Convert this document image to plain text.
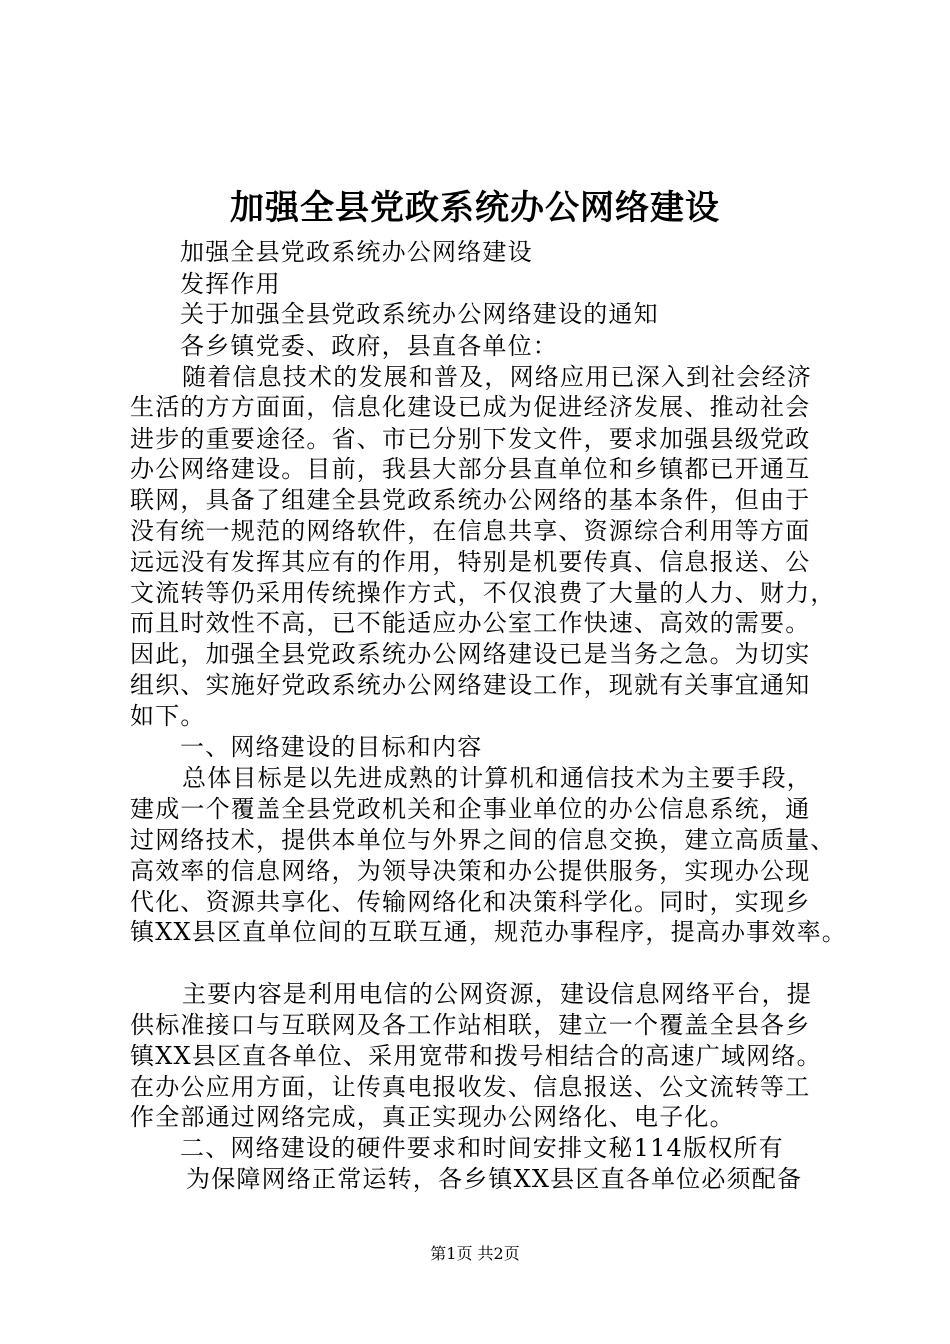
加强全县党政系统办公网络建设
加强全县党政系统办公网络建设
发挥作用
关于加强全县党政系统办公网络建设的通知
各乡镇党委、政府，县直各单位：
随着信息技术的发展和普及，网络应用已深入到社会经济
生活的方方面面，信息化建设已成为促进经济发展、推动社会
进步的重要途径。省、市已分别下发文件，要求加强县级党政
办公网络建设。目前，我县大部分县直单位和乡镇都已开通互
联网，具备了组建全县党政系统办公网络的基本条件，但由于
没有统一规范的网络软件，在信息共享、资源综合利用等方面
远远没有发挥其应有的作用，特别是机要传真、信息报送、公
文流转等仍采用传统操作方式，不仅浪费了大量的人力、财力，
而且时效性不高，已不能适应办公室工作快速、高效的需要。
因此，加强全县党政系统办公网络建设已是当务之急。为切实
组织、实施好党政系统办公网络建设工作，现就有关事宜通知
如下。
一、网络建设的目标和内容
总体目标是以先进成熟的计算机和通信技术为主要手段，
建成一个覆盖全县党政机关和企事业单位的办公信息系统，通
过网络技术，提供本单位与外界之间的信息交换，建立高质量、
高效率的信息网络，为领导决策和办公提供服务，实现办公现
代化、资源共享化、传输网络化和决策科学化。同时，实现乡
镇XX县区直单位间的互联互通，规范办事程序，提高办事效率。
主要内容是利用电信的公网资源，建设信息网络平台，提
供标准接口与互联网及各工作站相联，建立一个覆盖全县各乡
镇XX县区直各单位、采用宽带和拨号相结合的高速广域网络。
在办公应用方面，让传真电报收发、信息报送、公文流转等工
作全部通过网络完成，真正实现办公网络化、电子化。
二、网络建设的硬件要求和时间安排文秘114版权所有
为保障网络正常运转，各乡镇XX县区直各单位必须配备
第1页 共2页
